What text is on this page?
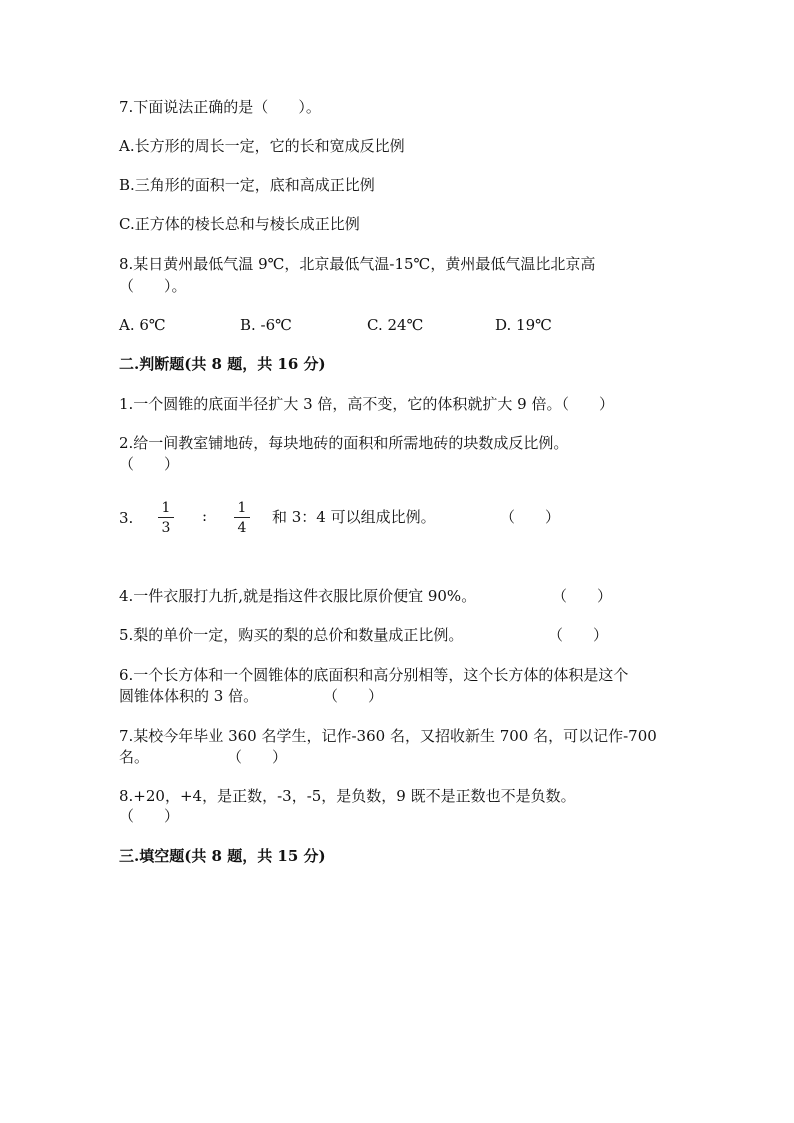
7.下面说法正确的是（　　）。
A.长方形的周长一定，它的长和宽成反比例
B.三角形的面积一定，底和高成正比例
C.正方体的棱长总和与棱长成正比例
8.某日黄州最低气温 9℃，北京最低气温-15℃，黄州最低气温比北京高
（　　）。
A. 6℃	B. -6℃	C. 24℃	D. 19℃
二.判断题(共 8 题，共 16 分)
1.一个圆锥的底面半径扩大 3 倍，高不变，它的体积就扩大 9 倍。（　　）
2.给一间教室铺地砖，每块地砖的面积和所需地砖的块数成反比例。
（　　）
3. $\frac{1}{3}$ : $\frac{1}{4}$ 和 3：4 可以组成比例。	（　　）
4.一件衣服打九折,就是指这件衣服比原价便宜 90%。	（　　）
5.梨的单价一定，购买的梨的总价和数量成正比例。	（　　）
6.一个长方体和一个圆锥体的底面积和高分别相等，这个长方体的体积是这个
圆锥体体积的 3 倍。	（　　）
7.某校今年毕业 360 名学生，记作-360 名，又招收新生 700 名，可以记作-700
名。	（　　）
8.+20，+4，是正数，-3，-5，是负数，9 既不是正数也不是负数。
（　　）
三.填空题(共 8 题，共 15 分)
